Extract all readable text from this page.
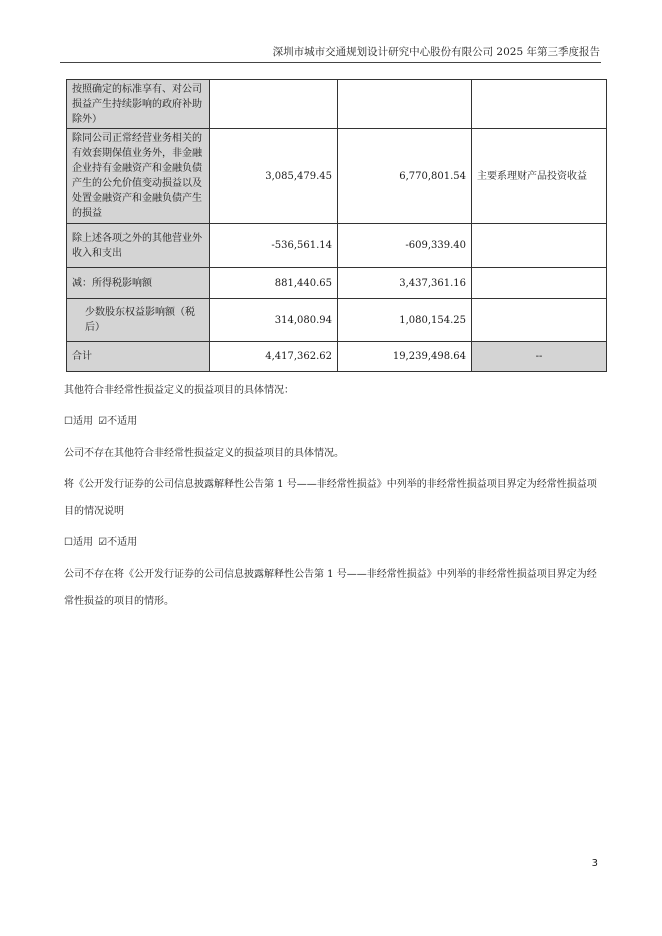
深圳市城市交通规划设计研究中心股份有限公司 2025 年第三季度报告
按照确定的标准享有、对公司损益产生持续影响的政府补助除外）			
除同公司正常经营业务相关的有效套期保值业务外，非金融企业持有金融资产和金融负债产生的公允价值变动损益以及处置金融资产和金融负债产生的损益	3,085,479.45	6,770,801.54	主要系理财产品投资收益
除上述各项之外的其他营业外收入和支出	-536,561.14	-609,339.40	
减：所得税影响额	881,440.65	3,437,361.16	
少数股东权益影响额（税后）	314,080.94	1,080,154.25	
合计	4,417,362.62	19,239,498.64	--
其他符合非经常性损益定义的损益项目的具体情况：
☐适用 ☑不适用
公司不存在其他符合非经常性损益定义的损益项目的具体情况。
将《公开发行证券的公司信息披露解释性公告第 1 号——非经常性损益》中列举的非经常性损益项目界定为经常性损益项
目的情况说明
☐适用 ☑不适用
公司不存在将《公开发行证券的公司信息披露解释性公告第 1 号——非经常性损益》中列举的非经常性损益项目界定为经
常性损益的项目的情形。
3
